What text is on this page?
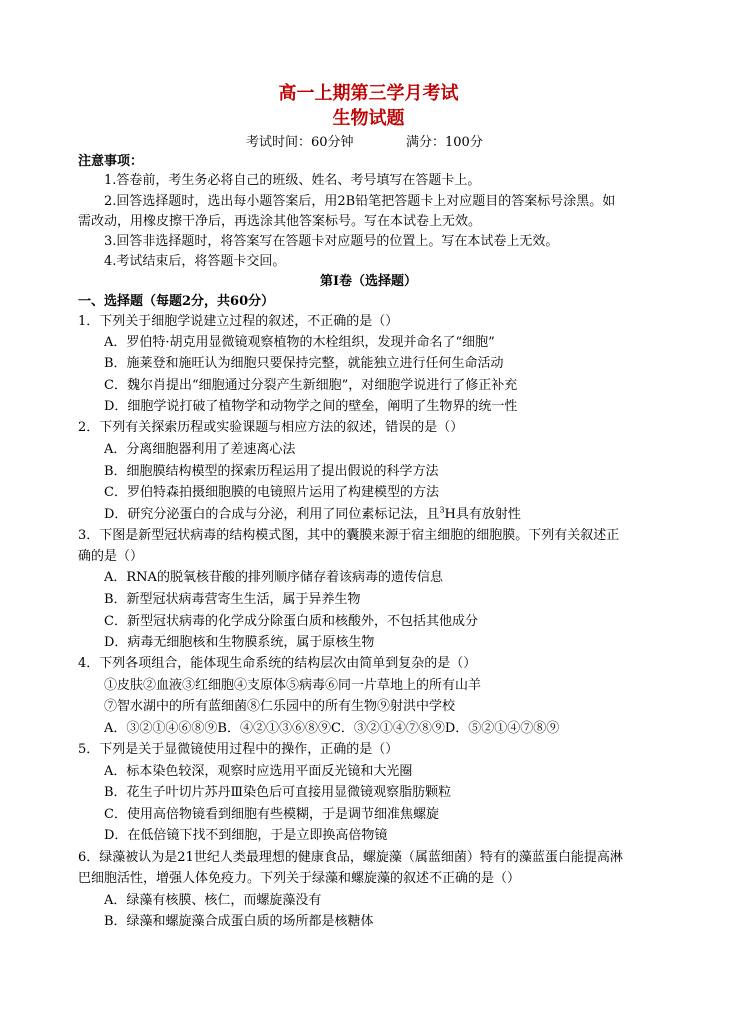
高一上期第三学月考试
生物试题
考试时间：60分钟	满分：100分
注意事项：
1.答卷前，考生务必将自己的班级、姓名、考号填写在答题卡上。
2.回答选择题时，选出每小题答案后，用2B铅笔把答题卡上对应题目的答案标号涂黑。如
需改动，用橡皮擦干净后，再选涂其他答案标号。写在本试卷上无效。
3.回答非选择题时，将答案写在答题卡对应题号的位置上。写在本试卷上无效。
4.考试结束后，将答题卡交回。
第Ⅰ卷（选择题）
一、选择题（每题2分，共60分）
1．下列关于细胞学说建立过程的叙述，不正确的是（）
A．罗伯特·胡克用显微镜观察植物的木栓组织，发现并命名了“细胞”
B．施莱登和施旺认为细胞只要保持完整，就能独立进行任何生命活动
C．魏尔肖提出“细胞通过分裂产生新细胞”，对细胞学说进行了修正补充
D．细胞学说打破了植物学和动物学之间的壁垒，阐明了生物界的统一性
2．下列有关探索历程或实验课题与相应方法的叙述，错误的是（）
A．分离细胞器利用了差速离心法
B．细胞膜结构模型的探索历程运用了提出假说的科学方法
C．罗伯特森拍摄细胞膜的电镜照片运用了构建模型的方法
D．研究分泌蛋白的合成与分泌，利用了同位素标记法，且$^3$H具有放射性
3．下图是新型冠状病毒的结构模式图，其中的囊膜来源于宿主细胞的细胞膜。下列有关叙述正
确的是（）
A．RNA的脱氧核苷酸的排列顺序储存着该病毒的遗传信息
B．新型冠状病毒营寄生生活，属于异养生物
C．新型冠状病毒的化学成分除蛋白质和核酸外，不包括其他成分
D．病毒无细胞核和生物膜系统，属于原核生物
4．下列各项组合，能体现生命系统的结构层次由简单到复杂的是（）
①皮肤②血液③红细胞④支原体⑤病毒⑥同一片草地上的所有山羊
⑦智水湖中的所有蓝细菌⑧仁乐园中的所有生物⑨射洪中学校
A．③②①④⑥⑧⑨B．④②①③⑥⑧⑨C．③②①④⑦⑧⑨D．⑤②①④⑦⑧⑨
5．下列是关于显微镜使用过程中的操作，正确的是（）
A．标本染色较深，观察时应选用平面反光镜和大光圈
B．花生子叶切片苏丹Ⅲ染色后可直接用显微镜观察脂肪颗粒
C．使用高倍物镜看到细胞有些模糊，于是调节细准焦螺旋
D．在低倍镜下找不到细胞，于是立即换高倍物镜
6．绿藻被认为是21世纪人类最理想的健康食品，螺旋藻（属蓝细菌）特有的藻蓝蛋白能提高淋
巴细胞活性，增强人体免疫力。下列关于绿藻和螺旋藻的叙述不正确的是（）
A．绿藻有核膜、核仁，而螺旋藻没有
B．绿藻和螺旋藻合成蛋白质的场所都是核糖体
